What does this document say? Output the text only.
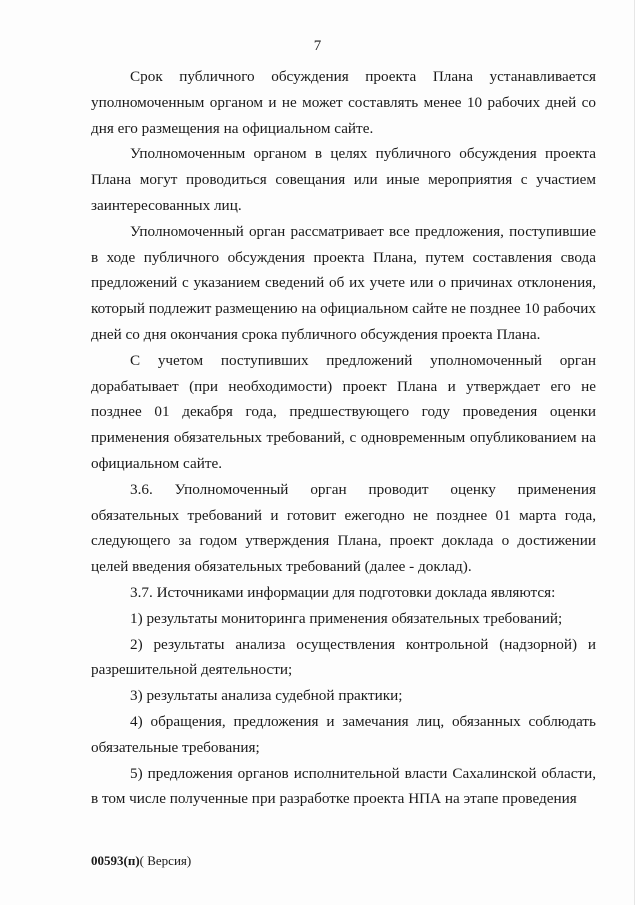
7

Срок публичного обсуждения проекта Плана устанавливается уполномоченным органом и не может составлять менее 10 рабочих дней со дня его размещения на официальном сайте.

Уполномоченным органом в целях публичного обсуждения проекта Плана могут проводиться совещания или иные мероприятия с участием заинтересованных лиц.

Уполномоченный орган рассматривает все предложения, поступившие в ходе публичного обсуждения проекта Плана, путем составления свода предложений с указанием сведений об их учете или о причинах отклонения, который подлежит размещению на официальном сайте не позднее 10 рабочих дней со дня окончания срока публичного обсуждения проекта Плана.

С учетом поступивших предложений уполномоченный орган дорабатывает (при необходимости) проект Плана и утверждает его не позднее 01 декабря года, предшествующего году проведения оценки применения обязательных требований, с одновременным опубликованием на официальном сайте.

3.6. Уполномоченный орган проводит оценку применения обязательных требований и готовит ежегодно не позднее 01 марта года, следующего за годом утверждения Плана, проект доклада о достижении целей введения обязательных требований (далее - доклад).

3.7. Источниками информации для подготовки доклада являются:

1) результаты мониторинга применения обязательных требований;

2) результаты анализа осуществления контрольной (надзорной) и разрешительной деятельности;

3) результаты анализа судебной практики;

4) обращения, предложения и замечания лиц, обязанных соблюдать обязательные требования;

5) предложения органов исполнительной власти Сахалинской области, в том числе полученные при разработке проекта НПА на этапе проведения

00593(п)( Версия)
